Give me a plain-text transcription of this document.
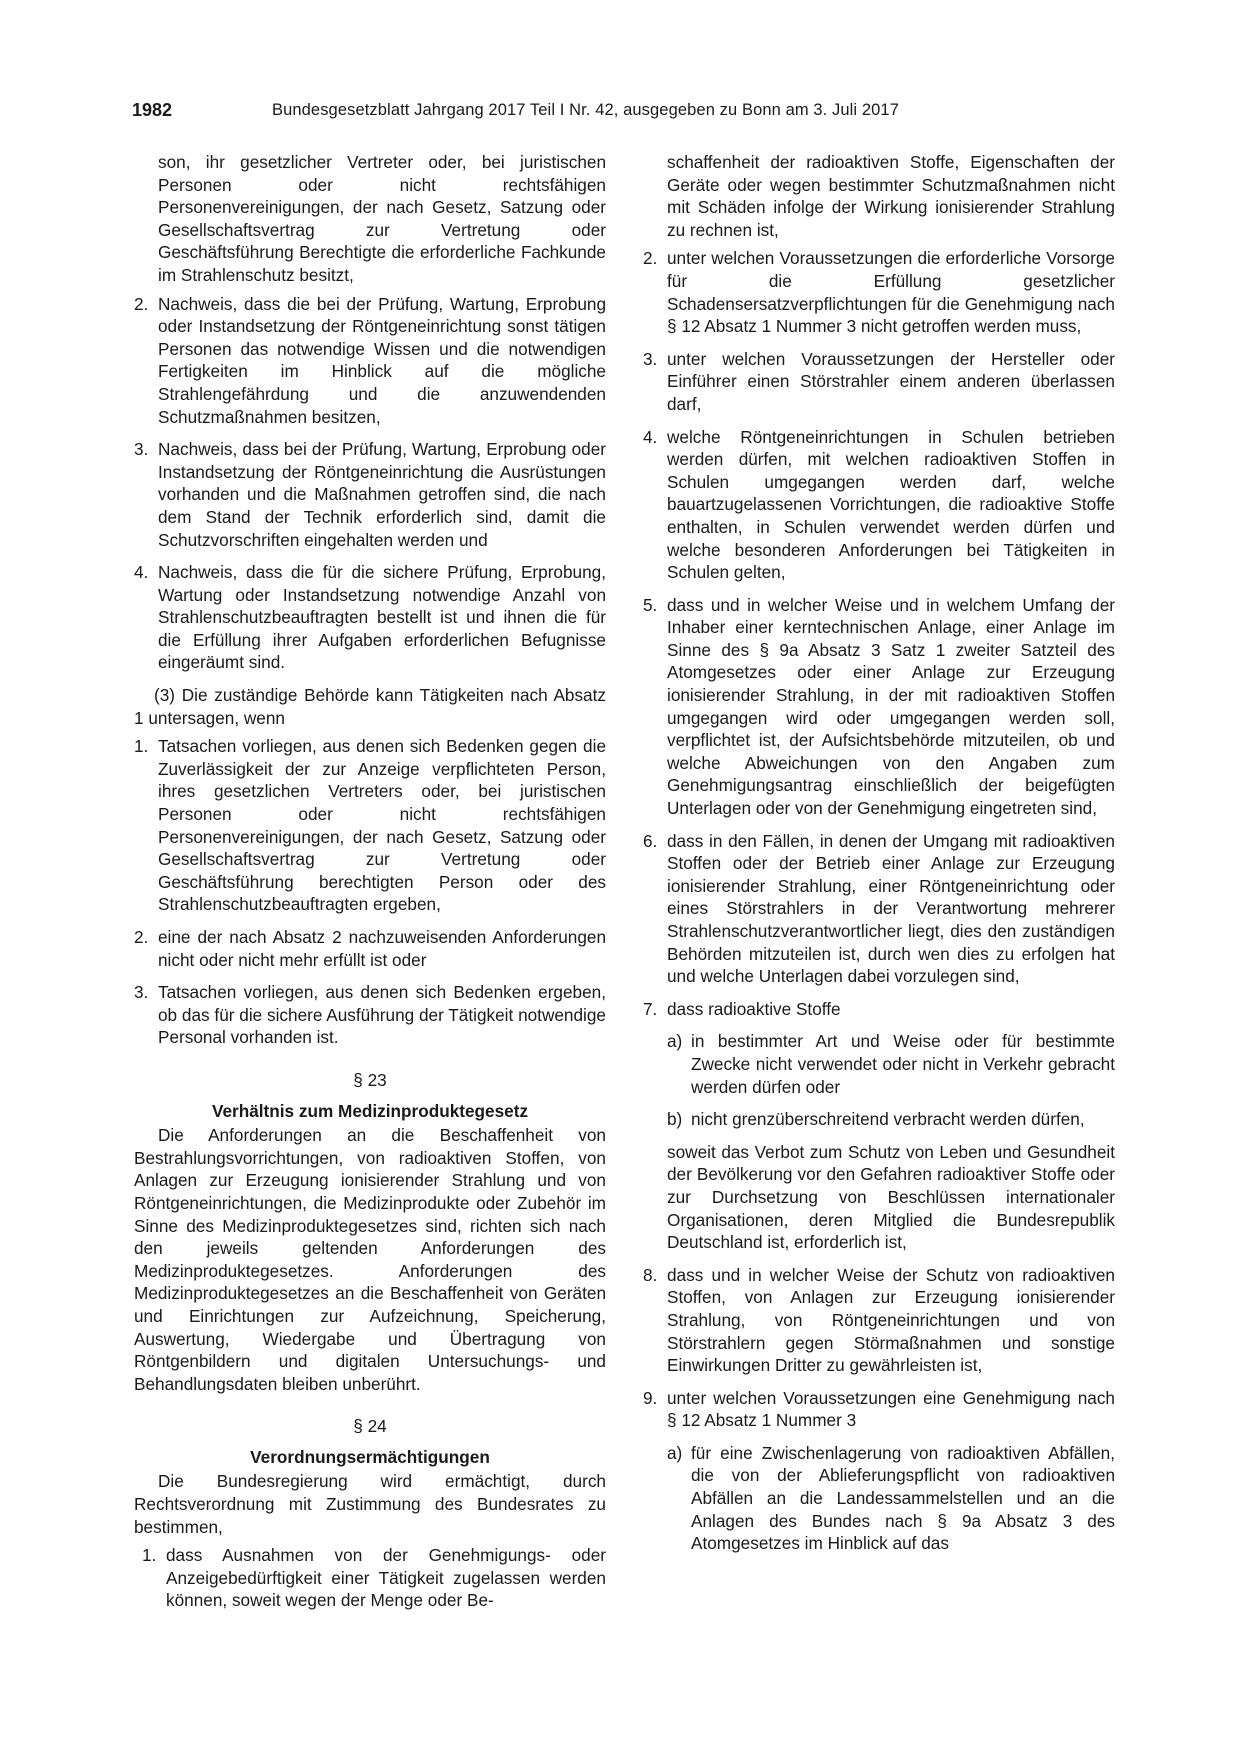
1982	Bundesgesetzblatt Jahrgang 2017 Teil I Nr. 42, ausgegeben zu Bonn am 3. Juli 2017

son, ihr gesetzlicher Vertreter oder, bei juristischen Personen oder nicht rechtsfähigen Personenvereinigungen, der nach Gesetz, Satzung oder Gesellschaftsvertrag zur Vertretung oder Geschäftsführung Berechtigte die erforderliche Fachkunde im Strahlenschutz besitzt,

2. Nachweis, dass die bei der Prüfung, Wartung, Erprobung oder Instandsetzung der Röntgeneinrichtung sonst tätigen Personen das notwendige Wissen und die notwendigen Fertigkeiten im Hinblick auf die mögliche Strahlengefährdung und die anzuwendenden Schutzmaßnahmen besitzen,
3. Nachweis, dass bei der Prüfung, Wartung, Erprobung oder Instandsetzung der Röntgeneinrichtung die Ausrüstungen vorhanden und die Maßnahmen getroffen sind, die nach dem Stand der Technik erforderlich sind, damit die Schutzvorschriften eingehalten werden und
4. Nachweis, dass die für die sichere Prüfung, Erprobung, Wartung oder Instandsetzung notwendige Anzahl von Strahlenschutzbeauftragten bestellt ist und ihnen die für die Erfüllung ihrer Aufgaben erforderlichen Befugnisse eingeräumt sind.

(3) Die zuständige Behörde kann Tätigkeiten nach Absatz 1 untersagen, wenn

1. Tatsachen vorliegen, aus denen sich Bedenken gegen die Zuverlässigkeit der zur Anzeige verpflichteten Person, ihres gesetzlichen Vertreters oder, bei juristischen Personen oder nicht rechtsfähigen Personenvereinigungen, der nach Gesetz, Satzung oder Gesellschaftsvertrag zur Vertretung oder Geschäftsführung berechtigten Person oder des Strahlenschutzbeauftragten ergeben,
2. eine der nach Absatz 2 nachzuweisenden Anforderungen nicht oder nicht mehr erfüllt ist oder
3. Tatsachen vorliegen, aus denen sich Bedenken ergeben, ob das für die sichere Ausführung der Tätigkeit notwendige Personal vorhanden ist.
§ 23
Verhältnis zum Medizinproduktegesetz

Die Anforderungen an die Beschaffenheit von Bestrahlungsvorrichtungen, von radioaktiven Stoffen, von Anlagen zur Erzeugung ionisierender Strahlung und von Röntgeneinrichtungen, die Medizinprodukte oder Zubehör im Sinne des Medizinproduktegesetzes sind, richten sich nach den jeweils geltenden Anforderungen des Medizinproduktegesetzes. Anforderungen des Medizinproduktegesetzes an die Beschaffenheit von Geräten und Einrichtungen zur Aufzeichnung, Speicherung, Auswertung, Wiedergabe und Übertragung von Röntgenbildern und digitalen Untersuchungs- und Behandlungsdaten bleiben unberührt.

§ 24
Verordnungsermächtigungen

Die Bundesregierung wird ermächtigt, durch Rechtsverordnung mit Zustimmung des Bundesrates zu bestimmen,

1. dass Ausnahmen von der Genehmigungs- oder Anzeigebedürftigkeit einer Tätigkeit zugelassen werden können, soweit wegen der Menge oder Be-

schaffenheit der radioaktiven Stoffe, Eigenschaften der Geräte oder wegen bestimmter Schutzmaßnahmen nicht mit Schäden infolge der Wirkung ionisierender Strahlung zu rechnen ist,

2. unter welchen Voraussetzungen die erforderliche Vorsorge für die Erfüllung gesetzlicher Schadensersatzverpflichtungen für die Genehmigung nach § 12 Absatz 1 Nummer 3 nicht getroffen werden muss,
3. unter welchen Voraussetzungen der Hersteller oder Einführer einen Störstrahler einem anderen überlassen darf,
4. welche Röntgeneinrichtungen in Schulen betrieben werden dürfen, mit welchen radioaktiven Stoffen in Schulen umgegangen werden darf, welche bauartzugelassenen Vorrichtungen, die radioaktive Stoffe enthalten, in Schulen verwendet werden dürfen und welche besonderen Anforderungen bei Tätigkeiten in Schulen gelten,
5. dass und in welcher Weise und in welchem Umfang der Inhaber einer kerntechnischen Anlage, einer Anlage im Sinne des § 9a Absatz 3 Satz 1 zweiter Satzteil des Atomgesetzes oder einer Anlage zur Erzeugung ionisierender Strahlung, in der mit radioaktiven Stoffen umgegangen wird oder umgegangen werden soll, verpflichtet ist, der Aufsichtsbehörde mitzuteilen, ob und welche Abweichungen von den Angaben zum Genehmigungsantrag einschließlich der beigefügten Unterlagen oder von der Genehmigung eingetreten sind,
6. dass in den Fällen, in denen der Umgang mit radioaktiven Stoffen oder der Betrieb einer Anlage zur Erzeugung ionisierender Strahlung, einer Röntgeneinrichtung oder eines Störstrahlers in der Verantwortung mehrerer Strahlenschutzverantwortlicher liegt, dies den zuständigen Behörden mitzuteilen ist, durch wen dies zu erfolgen hat und welche Unterlagen dabei vorzulegen sind,
7. dass radioaktive Stoffe
a) in bestimmter Art und Weise oder für bestimmte Zwecke nicht verwendet oder nicht in Verkehr gebracht werden dürfen oder
b) nicht grenzüberschreitend verbracht werden dürfen,

soweit das Verbot zum Schutz von Leben und Gesundheit der Bevölkerung vor den Gefahren radioaktiver Stoffe oder zur Durchsetzung von Beschlüssen internationaler Organisationen, deren Mitglied die Bundesrepublik Deutschland ist, erforderlich ist,

8. dass und in welcher Weise der Schutz von radioaktiven Stoffen, von Anlagen zur Erzeugung ionisierender Strahlung, von Röntgeneinrichtungen und von Störstrahlern gegen Störmaßnahmen und sonstige Einwirkungen Dritter zu gewährleisten ist,
9. unter welchen Voraussetzungen eine Genehmigung nach § 12 Absatz 1 Nummer 3
a) für eine Zwischenlagerung von radioaktiven Abfällen, die von der Ablieferungspflicht von radioaktiven Abfällen an die Landessammelstellen und an die Anlagen des Bundes nach § 9a Absatz 3 des Atomgesetzes im Hinblick auf das
